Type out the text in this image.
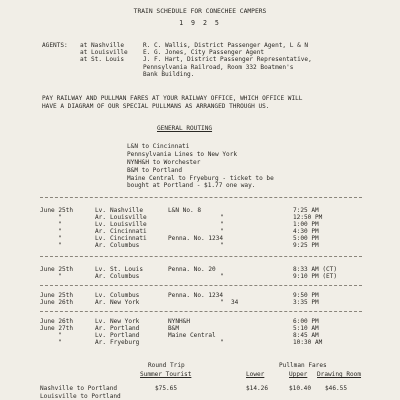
TRAIN SCHEDULE FOR CONECHEE CAMPERS
1 9 2 5
AGENTS: at Nashville	R. C. Wallis, District Passenger Agent, L & N
at Louisville	E. G. Jones, City Passenger Agent
at St. Louis	J. F. Hart, District Passenger Representative,
Pennsylvania Railroad, Room 332 Boatmen's
Bank Building.
PAY RAILWAY AND PULLMAN FARES AT YOUR RAILWAY OFFICE, WHICH OFFICE WILL
HAVE A DIAGRAM OF OUR SPECIAL PULLMANS AS ARRANGED THROUGH US.
GENERAL ROUTING
L&N to Cincinnati
Pennsylvania Lines to New York
NYNH&H to Worchester
B&M to Portland
Maine Central to Fryeburg - ticket to be
bought at Portland - $1.77 one way.
June 25th	Lv. Nashville	L&N No. 8	7:25 AM
"	Ar. Louisville	"	12:50 PM
"	Lv. Louisville	"	1:00 PM
"	Ar. Cincinnati	"	4:30 PM
"	Lv. Cincinnati	Penna. No. 1234	5:00 PM
"	Ar. Columbus	"	9:25 PM
June 25th	Lv. St. Louis	Penna. No. 20	8:33 AM (CT)
"	Ar. Columbus	"	9:10 PM (ET)
June 25th	Lv. Columbus	Penna. No. 1234	9:50 PM
June 26th	Ar. New York	"  34	3:35 PM
June 26th	Lv. New York	NYNH&H	6:00 PM
June 27th	Ar. Portland	B&M	5:10 AM
"	Lv. Portland	Maine Central	8:45 AM
"	Ar. Fryeburg	"	10:30 AM
Round Trip	Pullman Fares
Summer Tourist	Lower	Upper Drawing Room
Nashville to Portland	$75.65	$14.26	$10.40 $46.55
Louisville to Portland
